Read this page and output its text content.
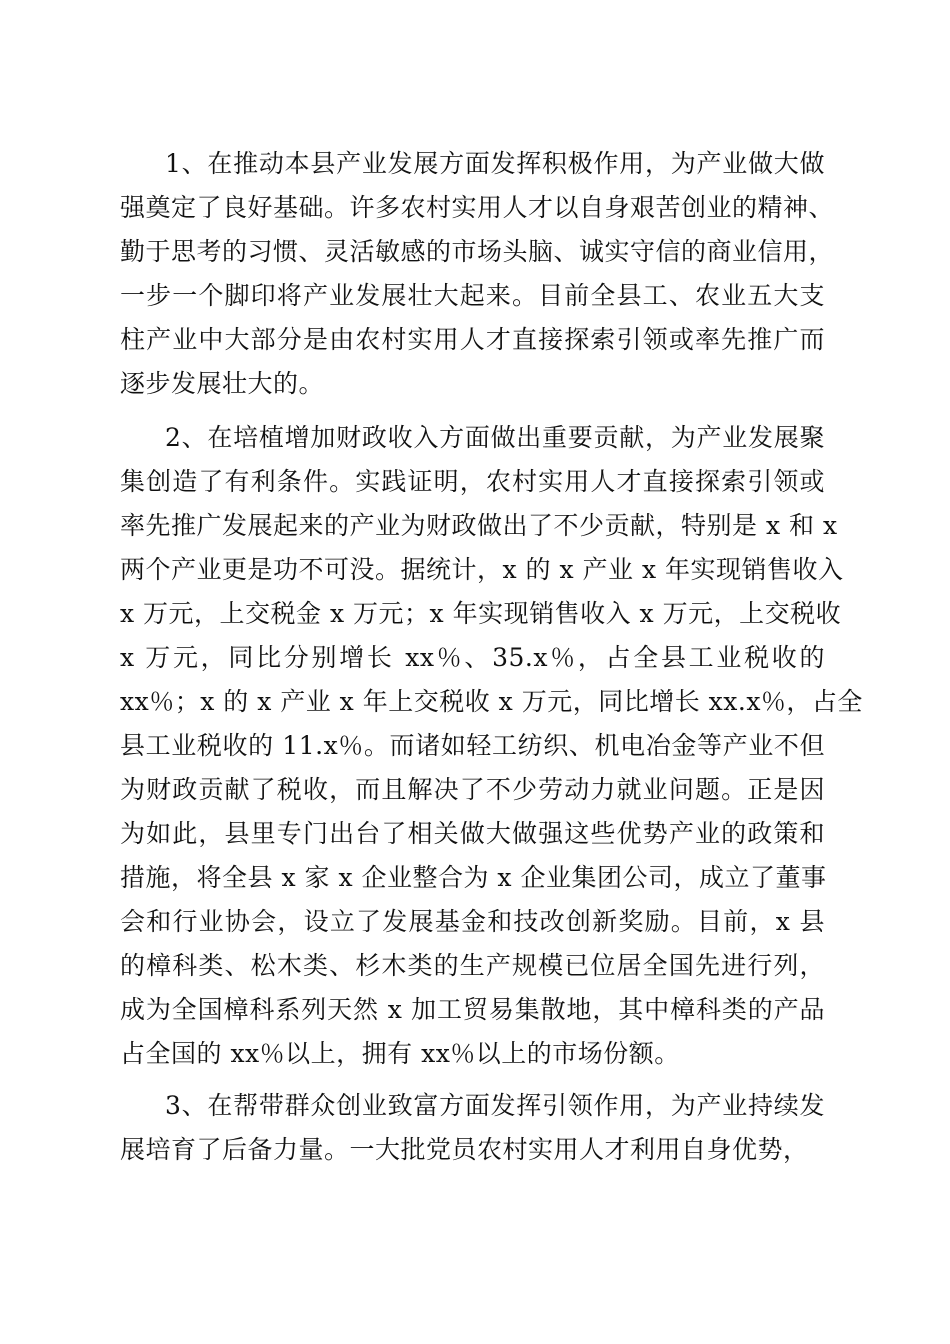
1、在推动本县产业发展方面发挥积极作用，为产业做大做
强奠定了良好基础。许多农村实用人才以自身艰苦创业的精神、
勤于思考的习惯、灵活敏感的市场头脑、诚实守信的商业信用，
一步一个脚印将产业发展壮大起来。目前全县工、农业五大支
柱产业中大部分是由农村实用人才直接探索引领或率先推广而
逐步发展壮大的。
2、在培植增加财政收入方面做出重要贡献，为产业发展聚
集创造了有利条件。实践证明，农村实用人才直接探索引领或
率先推广发展起来的产业为财政做出了不少贡献，特别是 x 和 x
两个产业更是功不可没。据统计，x 的 x 产业 x 年实现销售收入
x 万元，上交税金 x 万元；x 年实现销售收入 x 万元，上交税收
x 万元，同比分别增长 xx％、35.x％，占全县工业税收的
xx％；x 的 x 产业 x 年上交税收 x 万元，同比增长 xx.x％，占全
县工业税收的 11.x％。而诸如轻工纺织、机电冶金等产业不但
为财政贡献了税收，而且解决了不少劳动力就业问题。正是因
为如此，县里专门出台了相关做大做强这些优势产业的政策和
措施，将全县 x 家 x 企业整合为 x 企业集团公司，成立了董事
会和行业协会，设立了发展基金和技改创新奖励。目前，x 县
的樟科类、松木类、杉木类的生产规模已位居全国先进行列，
成为全国樟科系列天然 x 加工贸易集散地，其中樟科类的产品
占全国的 xx％以上，拥有 xx％以上的市场份额。
3、在帮带群众创业致富方面发挥引领作用，为产业持续发
展培育了后备力量。一大批党员农村实用人才利用自身优势，
